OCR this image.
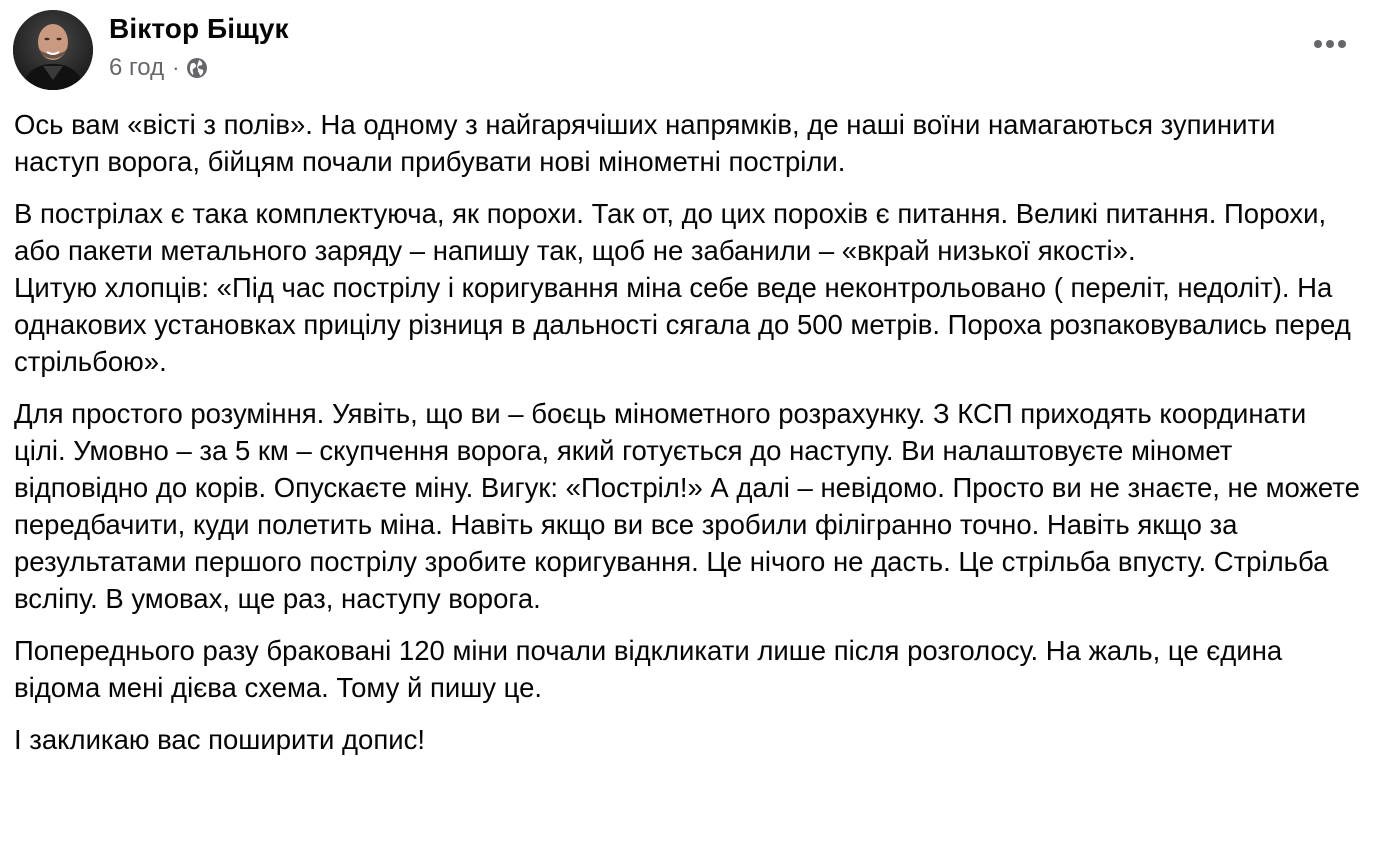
Віктор Біщук
6 год ·

Ось вам «вісті з полів». На одному з найгарячіших напрямків, де наші воїни намагаються зупинити наступ ворога, бійцям почали прибувати нові мінометні постріли.

В пострілах є така комплектуюча, як порохи. Так от, до цих порохів є питання. Великі питання. Порохи, або пакети метального заряду – напишу так, щоб не забанили – «вкрай низької якості».

Цитую хлопців: «Під час пострілу і коригування міна себе веде неконтрольовано ( переліт, недоліт). На однакових установках прицілу різниця в дальності сягала до 500 метрів. Пороха розпаковувались перед стрільбою».

Для простого розуміння. Уявіть, що ви – боєць мінометного розрахунку. З КСП приходять координати цілі. Умовно – за 5 км – скупчення ворога, який готується до наступу. Ви налаштовуєте міномет відповідно до корів. Опускаєте міну. Вигук: «Постріл!» А далі – невідомо. Просто ви не знаєте, не можете передбачити, куди полетить міна. Навіть якщо ви все зробили філігранно точно. Навіть якщо за результатами першого пострілу зробите коригування. Це нічого не дасть. Це стрільба впусту. Стрільба всліпу. В умовах, ще раз, наступу ворога.

Попереднього разу браковані 120 міни почали відкликати лише після розголосу. На жаль, це єдина відома мені дієва схема. Тому й пишу це.

І закликаю вас поширити допис!
